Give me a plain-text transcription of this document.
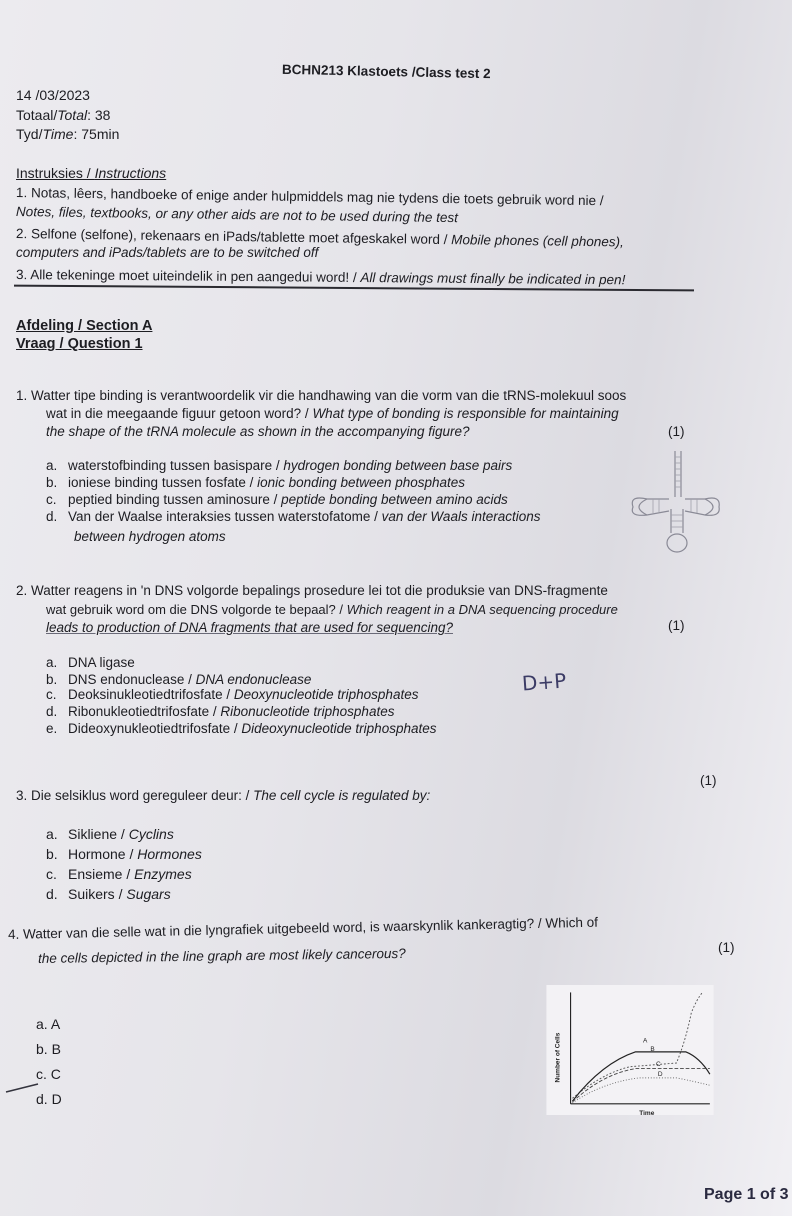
BCHN213 Klastoets /Class test 2
14 /03/2023
Totaal/Total: 38
Tyd/Time: 75min
Instruksies / Instructions
1. Notas, lêers, handboeke of enige ander hulpmiddels mag nie tydens die toets gebruik word nie /
Notes, files, textbooks, or any other aids are not to be used during the test
2. Selfone (selfone), rekenaars en iPads/tablette moet afgeskakel word / Mobile phones (cell phones),
computers and iPads/tablets are to be switched off
3. Alle tekeninge moet uiteindelik in pen aangedui word! / All drawings must finally be indicated in pen!
Afdeling / Section A
Vraag / Question 1
1. Watter tipe binding is verantwoordelik vir die handhawing van die vorm van die tRNS-molekuul soos
wat in die meegaande figuur getoon word? / What type of bonding is responsible for maintaining
the shape of the tRNA molecule as shown in the accompanying figure?	(1)
a. waterstofbinding tussen basispare / hydrogen bonding between base pairs
b. ioniese binding tussen fosfate / ionic bonding between phosphates
c. peptied binding tussen aminosure / peptide bonding between amino acids
d. Van der Waalse interaksies tussen waterstofatome / van der Waals interactions
between hydrogen atoms
2. Watter reagens in 'n DNS volgorde bepalings prosedure lei tot die produksie van DNS-fragmente
wat gebruik word om die DNS volgorde te bepaal? / Which reagent in a DNA sequencing procedure
leads to production of DNA fragments that are used for sequencing?	(1)
a. DNA ligase
b. DNS endonuclease / DNA endonuclease
c. Deoksinukleotiedtrifosfate / Deoxynucleotide triphosphates
d. Ribonukleotiedtrifosfate / Ribonucleotide triphosphates
e. Dideoxynukleotiedtrifosfate / Dideoxynucleotide triphosphates
D+P
3. Die selsiklus word gereguleer deur: / The cell cycle is regulated by:
(1)
a. Sikliene / Cyclins
b. Hormone / Hormones
c. Ensieme / Enzymes
d. Suikers / Sugars
4. Watter van die selle wat in die lyngrafiek uitgebeeld word, is waarskynlik kankeragtig? / Which of
the cells depicted in the line graph are most likely cancerous?	(1)
a. A
b. B
c. C
d. D
A
B
C
D
Time
Number of Cells
Page 1 of 3
